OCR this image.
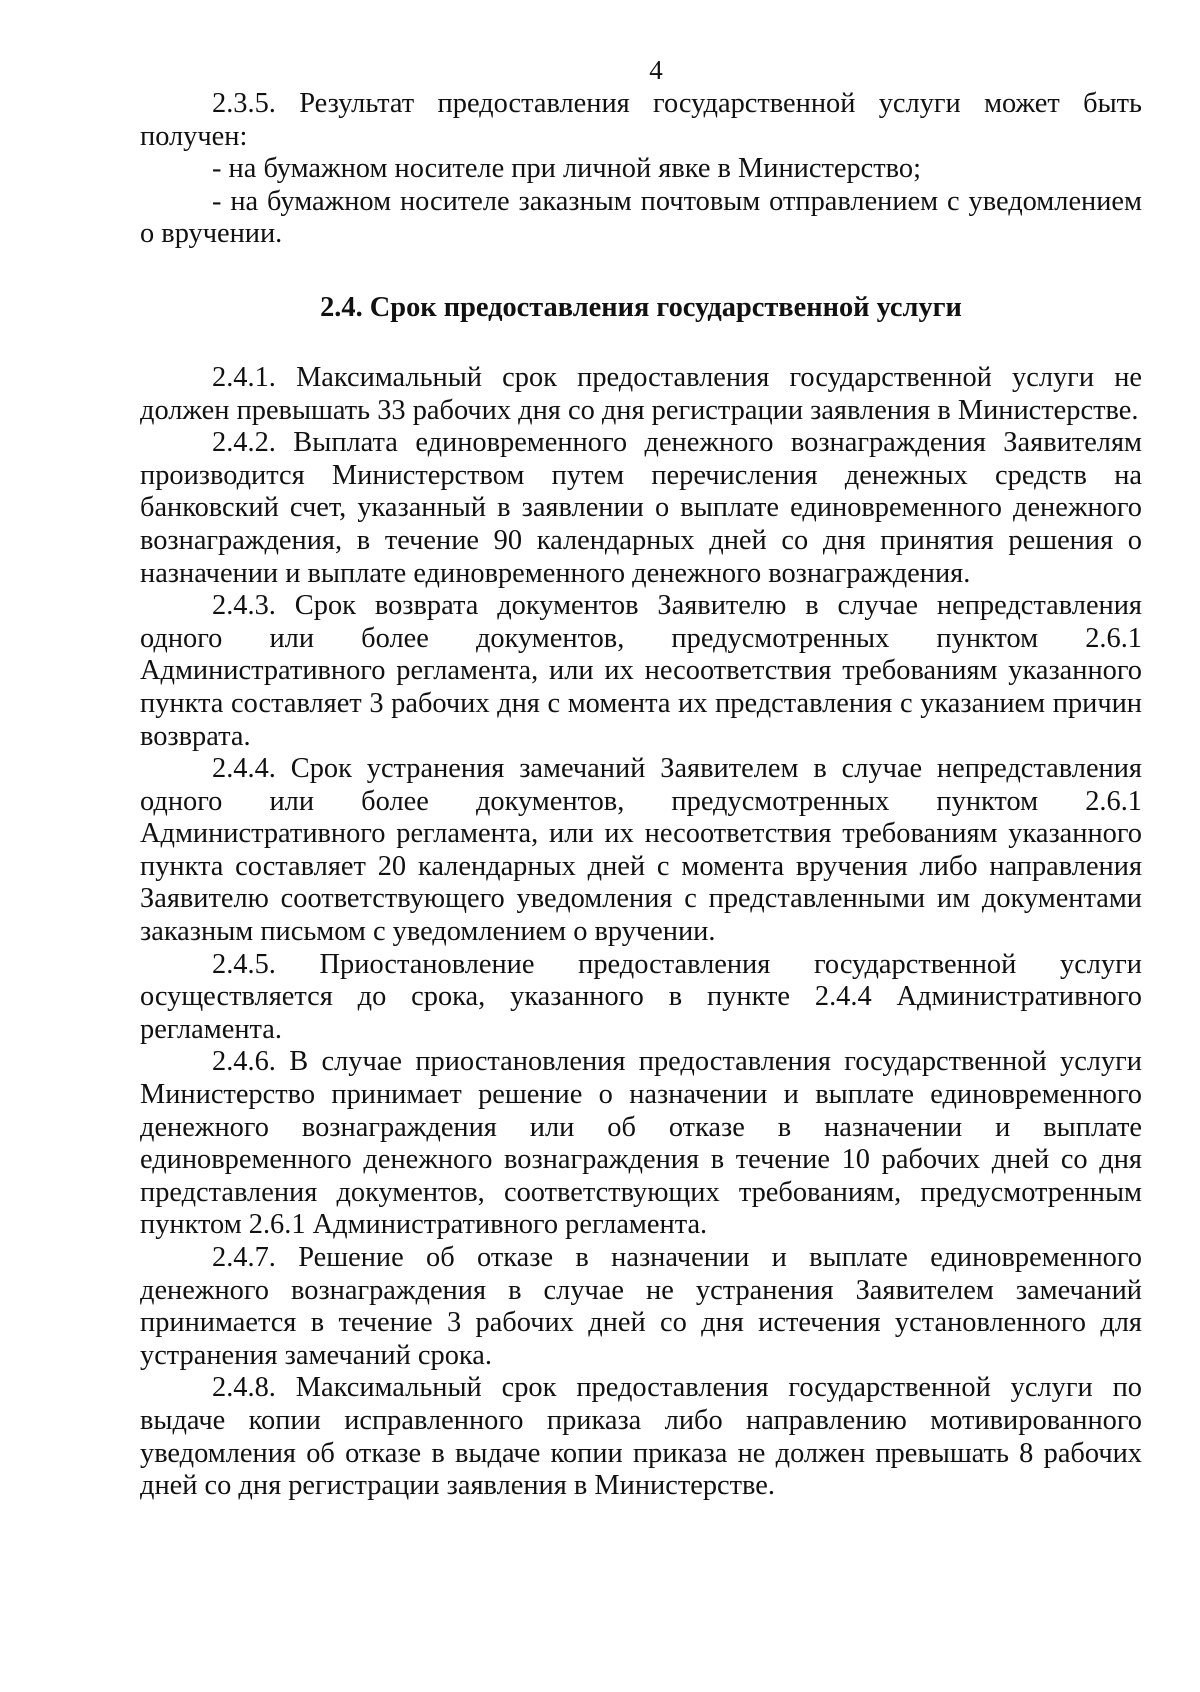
4

2.3.5. Результат предоставления государственной услуги может быть получен:

- на бумажном носителе при личной явке в Министерство;

- на бумажном носителе заказным почтовым отправлением с уведомлением о вручении.

2.4. Срок предоставления государственной услуги

2.4.1. Максимальный срок предоставления государственной услуги не должен превышать 33 рабочих дня со дня регистрации заявления в Министерстве.

2.4.2. Выплата единовременного денежного вознаграждения Заявителям производится Министерством путем перечисления денежных средств на банковский счет, указанный в заявлении о выплате единовременного денежного вознаграждения, в течение 90 календарных дней со дня принятия решения о назначении и выплате единовременного денежного вознаграждения.

2.4.3. Срок возврата документов Заявителю в случае непредставления одного или более документов, предусмотренных пунктом 2.6.1 Административного регламента, или их несоответствия требованиям указанного пункта составляет 3 рабочих дня с момента их представления с указанием причин возврата.

2.4.4. Срок устранения замечаний Заявителем в случае непредставления одного или более документов, предусмотренных пунктом 2.6.1 Административного регламента, или их несоответствия требованиям указанного пункта составляет 20 календарных дней с момента вручения либо направления Заявителю соответствующего уведомления с представленными им документами заказным письмом с уведомлением о вручении.

2.4.5. Приостановление предоставления государственной услуги осуществляется до срока, указанного в пункте 2.4.4 Административного регламента.

2.4.6. В случае приостановления предоставления государственной услуги Министерство принимает решение о назначении и выплате единовременного денежного вознаграждения или об отказе в назначении и выплате единовременного денежного вознаграждения в течение 10 рабочих дней со дня представления документов, соответствующих требованиям, предусмотренным пунктом 2.6.1 Административного регламента.

2.4.7. Решение об отказе в назначении и выплате единовременного денежного вознаграждения в случае не устранения Заявителем замечаний принимается в течение 3 рабочих дней со дня истечения установленного для устранения замечаний срока.

2.4.8. Максимальный срок предоставления государственной услуги по выдаче копии исправленного приказа либо направлению мотивированного уведомления об отказе в выдаче копии приказа не должен превышать 8 рабочих дней со дня регистрации заявления в Министерстве.
